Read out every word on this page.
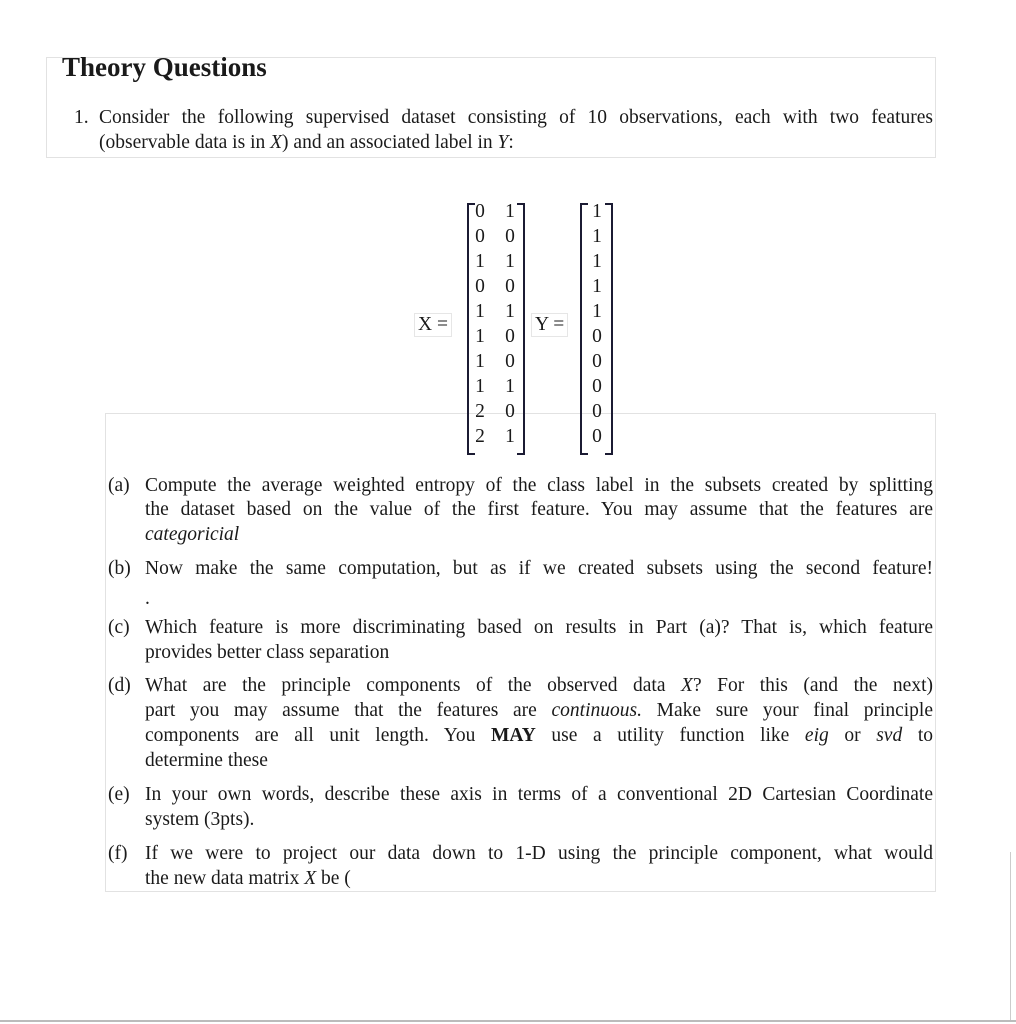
Theory Questions
1. Consider the following supervised dataset consisting of 10 observations, each with two features
(observable data is in X) and an associated label in Y:
X =	Y =
0 1
0 0
1 1
0 0
1 1
1 0
1 0
1 1
2 0
2 1
1
1
1
1
1
0
0
0
0
0
(a) Compute the average weighted entropy of the class label in the subsets created by splitting
the dataset based on the value of the first feature. You may assume that the features are
categoricial
(b) Now make the same computation, but as if we created subsets using the second feature!
.
(c) Which feature is more discriminating based on results in Part (a)? That is, which feature
provides better class separation
(d) What are the principle components of the observed data X? For this (and the next)
part you may assume that the features are continuous. Make sure your final principle
components are all unit length. You MAY use a utility function like eig or svd to
determine these
(e) In your own words, describe these axis in terms of a conventional 2D Cartesian Coordinate
system (3pts).
(f) If we were to project our data down to 1-D using the principle component, what would
the new data matrix X be (
